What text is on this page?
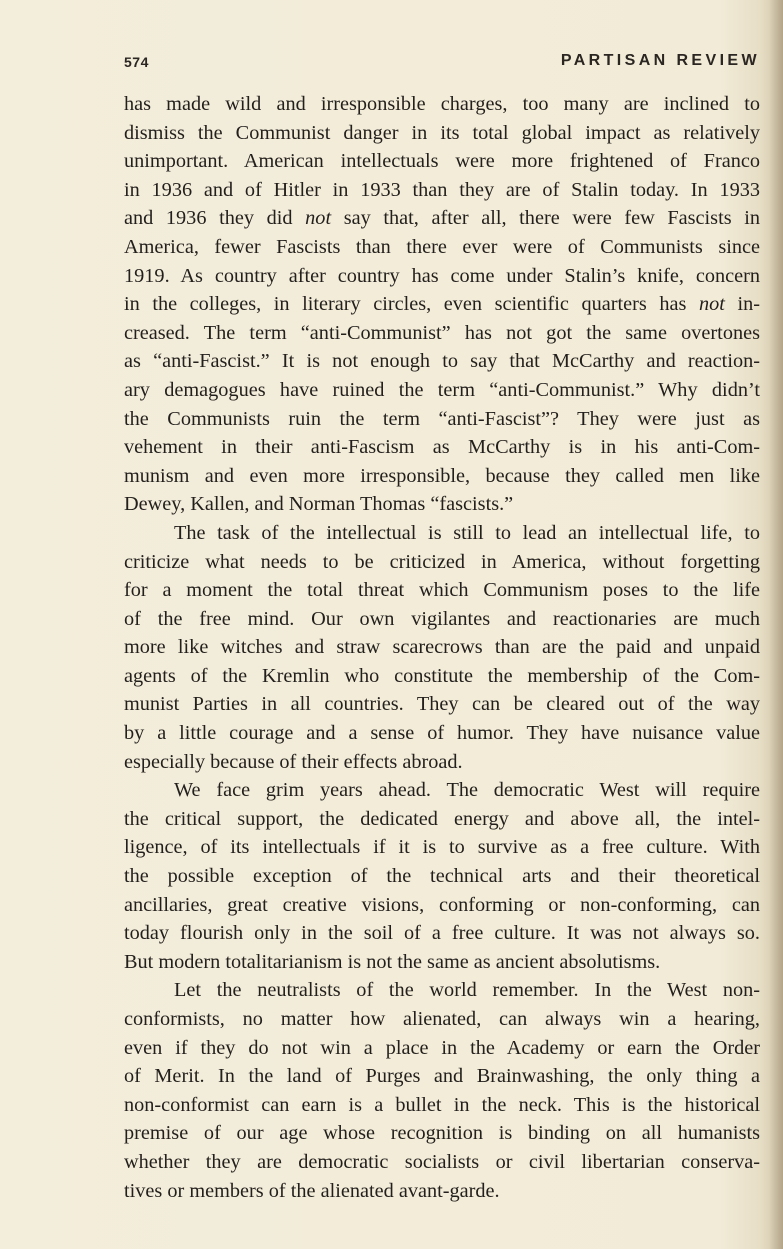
574	PARTISAN REVIEW
has made wild and irresponsible charges, too many are inclined to
dismiss the Communist danger in its total global impact as relatively
unimportant. American intellectuals were more frightened of Franco
in 1936 and of Hitler in 1933 than they are of Stalin today. In 1933
and 1936 they did not say that, after all, there were few Fascists in
America, fewer Fascists than there ever were of Communists since
1919. As country after country has come under Stalin’s knife, concern
in the colleges, in literary circles, even scientific quarters has not in-
creased. The term “anti-Communist” has not got the same overtones
as “anti-Fascist.” It is not enough to say that McCarthy and reaction-
ary demagogues have ruined the term “anti-Communist.” Why didn’t
the Communists ruin the term “anti-Fascist”? They were just as
vehement in their anti-Fascism as McCarthy is in his anti-Com-
munism and even more irresponsible, because they called men like
Dewey, Kallen, and Norman Thomas “fascists.”
The task of the intellectual is still to lead an intellectual life, to
criticize what needs to be criticized in America, without forgetting
for a moment the total threat which Communism poses to the life
of the free mind. Our own vigilantes and reactionaries are much
more like witches and straw scarecrows than are the paid and unpaid
agents of the Kremlin who constitute the membership of the Com-
munist Parties in all countries. They can be cleared out of the way
by a little courage and a sense of humor. They have nuisance value
especially because of their effects abroad.
We face grim years ahead. The democratic West will require
the critical support, the dedicated energy and above all, the intel-
ligence, of its intellectuals if it is to survive as a free culture. With
the possible exception of the technical arts and their theoretical
ancillaries, great creative visions, conforming or non-conforming, can
today flourish only in the soil of a free culture. It was not always so.
But modern totalitarianism is not the same as ancient absolutisms.
Let the neutralists of the world remember. In the West non-
conformists, no matter how alienated, can always win a hearing,
even if they do not win a place in the Academy or earn the Order
of Merit. In the land of Purges and Brainwashing, the only thing a
non-conformist can earn is a bullet in the neck. This is the historical
premise of our age whose recognition is binding on all humanists
whether they are democratic socialists or civil libertarian conserva-
tives or members of the alienated avant-garde.
